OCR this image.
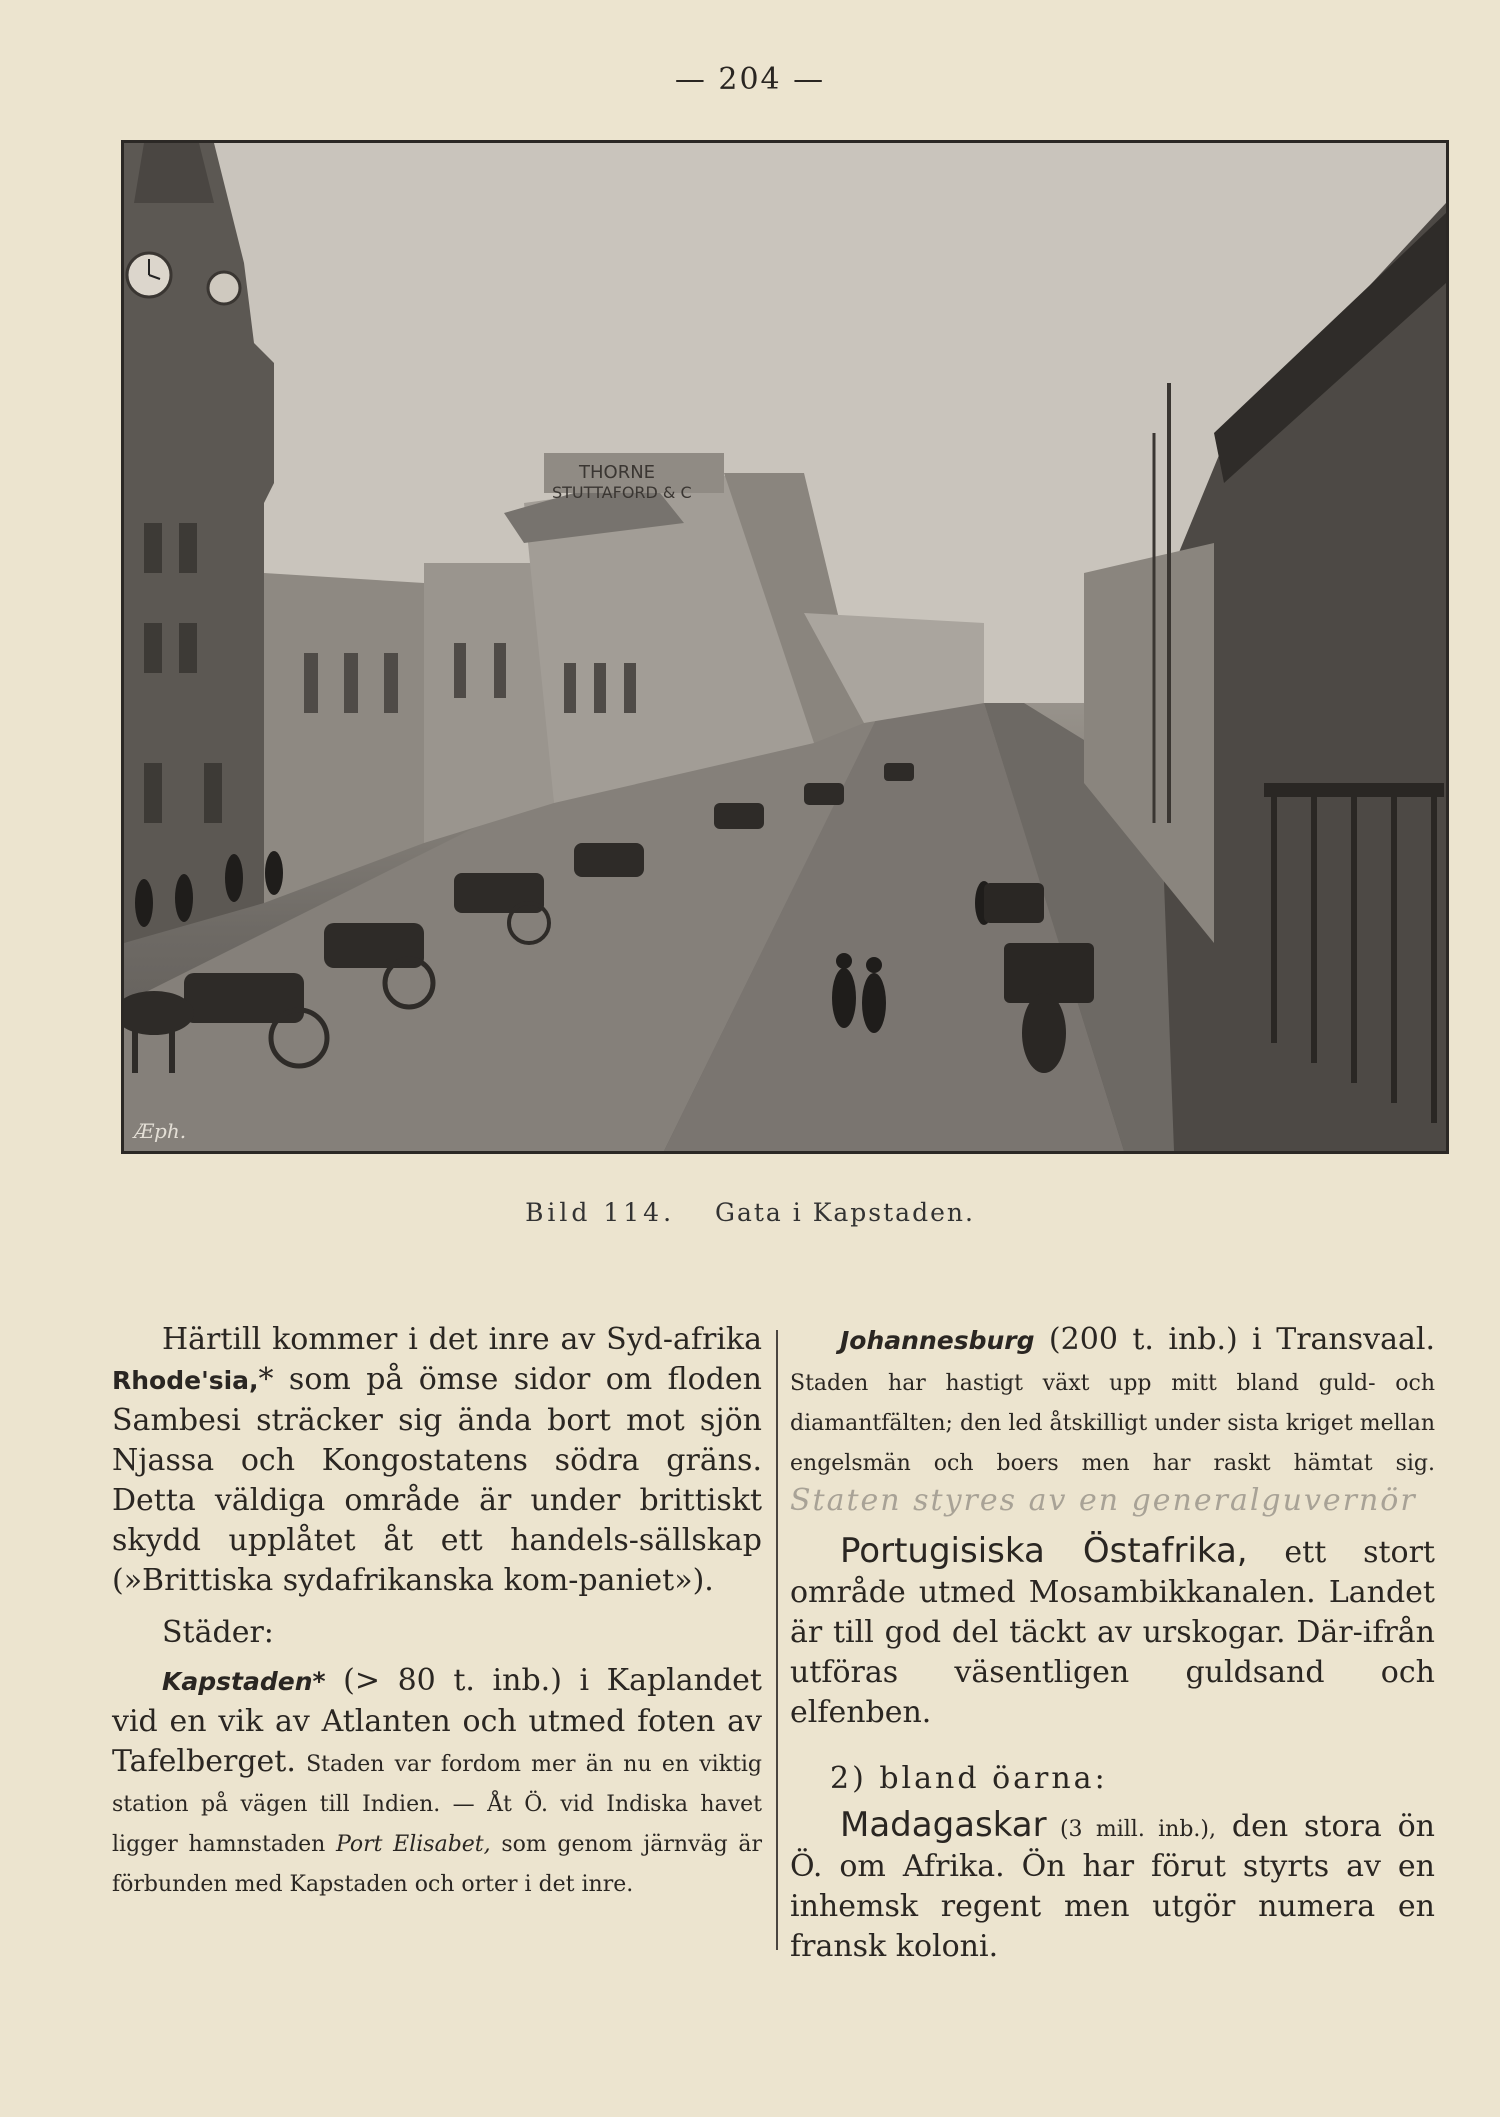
— 204 —
THORNE
STUTTAFORD & C
Æph.
Bild 114. Gata i Kapstaden.

Härtill kommer i det inre av Syd-afrika Rhode'sia,* som på ömse sidor om floden Sambesi sträcker sig ända bort mot sjön Njassa och Kongostatens södra gräns. Detta väldiga område är under brittiskt skydd upplåtet åt ett handels-sällskap (»Brittiska sydafrikanska kom-paniet»).

Städer:

Kapstaden* (> 80 t. inb.) i Kaplandet vid en vik av Atlanten och utmed foten av Tafelberget. Staden var fordom mer än nu en viktig station på vägen till Indien. — Åt Ö. vid Indiska havet ligger hamnstaden Port Elisabet, som genom järnväg är förbunden med Kapstaden och orter i det inre.

Johannesburg (200 t. inb.) i Transvaal. Staden har hastigt växt upp mitt bland guld- och diamantfälten; den led åtskilligt under sista kriget mellan engelsmän och boers men har raskt hämtat sig. Staten styres av en generalguvernör

Portugisiska Östafrika, ett stort område utmed Mosambikkanalen. Landet är till god del täckt av urskogar. Där-ifrån utföras väsentligen guldsand och elfenben.

2) bland öarna:

Madagaskar (3 mill. inb.), den stora ön Ö. om Afrika. Ön har förut styrts av en inhemsk regent men utgör numera en fransk koloni.
